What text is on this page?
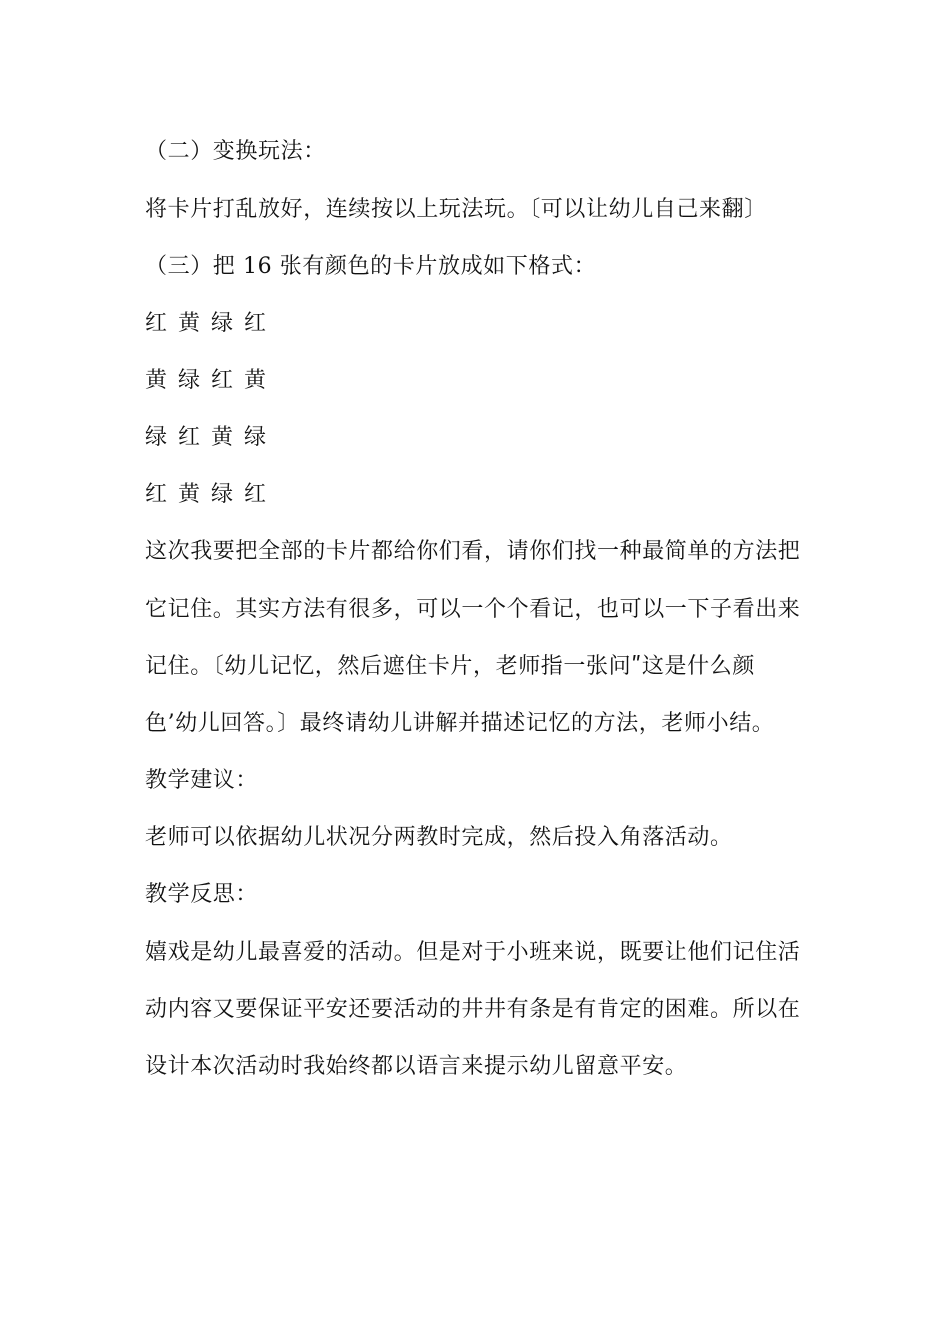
（二）变换玩法：
将卡片打乱放好，连续按以上玩法玩。〔可以让幼儿自己来翻〕
（三）把 16 张有颜色的卡片放成如下格式：
红 黄 绿 红
黄 绿 红 黄
绿 红 黄 绿
红 黄 绿 红
这次我要把全部的卡片都给你们看，请你们找一种最简单的方法把
它记住。其实方法有很多，可以一个个看记，也可以一下子看出来
记住。〔幼儿记忆，然后遮住卡片，老师指一张问ʺ这是什么颜
色’幼儿回答。〕最终请幼儿讲解并描述记忆的方法，老师小结。
教学建议：
老师可以依据幼儿状况分两教时完成，然后投入角落活动。
教学反思：
嬉戏是幼儿最喜爱的活动。但是对于小班来说，既要让他们记住活
动内容又要保证平安还要活动的井井有条是有肯定的困难。所以在
设计本次活动时我始终都以语言来提示幼儿留意平安。
